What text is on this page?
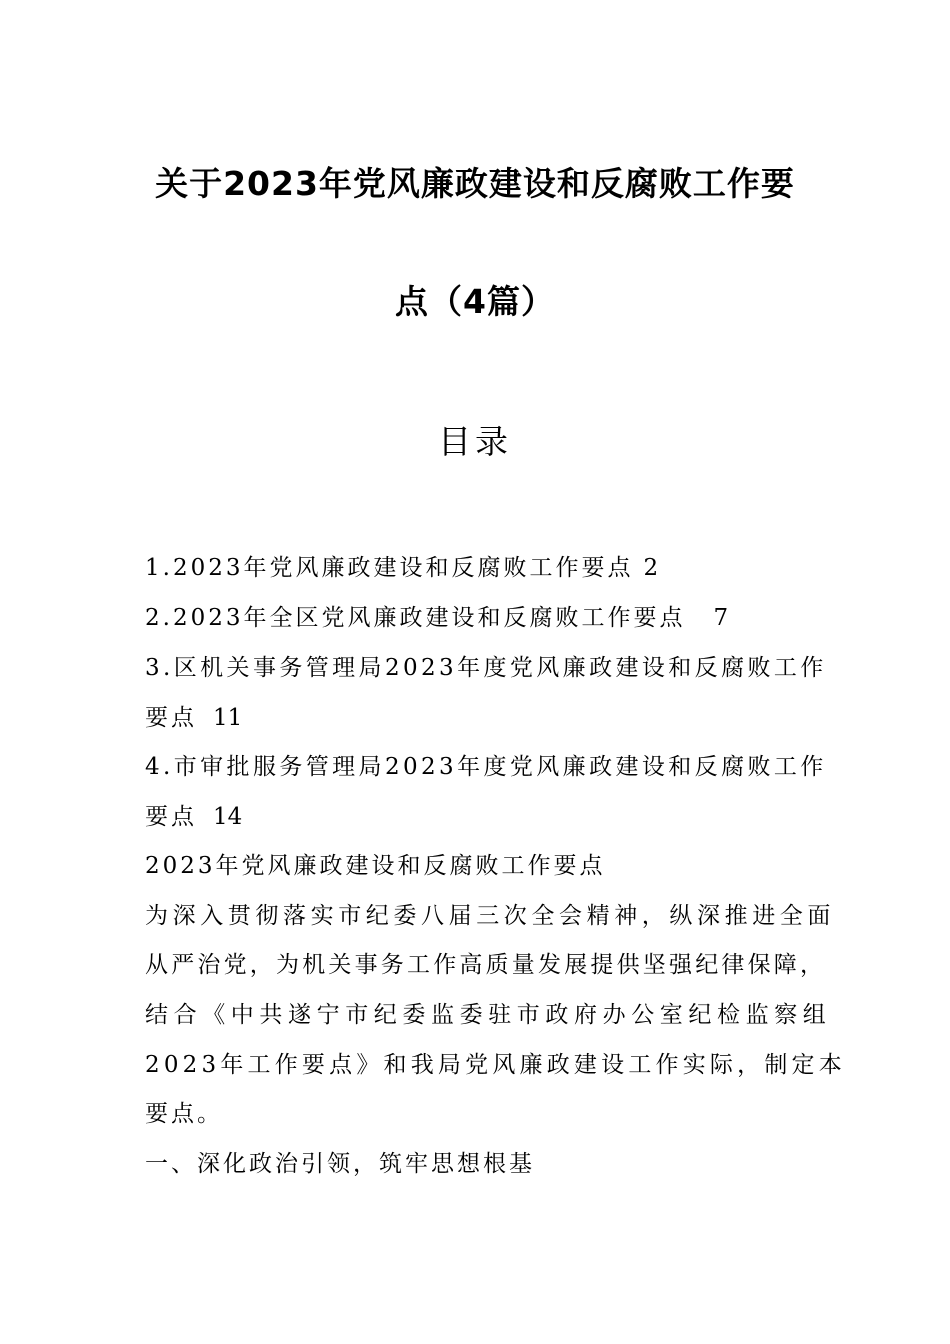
关于2023年党风廉政建设和反腐败工作要
点（4篇）
目录
1.2023年党风廉政建设和反腐败工作要点 2
2.2023年全区党风廉政建设和反腐败工作要点 7
3.区机关事务管理局2023年度党风廉政建设和反腐败工作
要点 11
4.市审批服务管理局2023年度党风廉政建设和反腐败工作
要点 14
2023年党风廉政建设和反腐败工作要点
为深入贯彻落实市纪委八届三次全会精神，纵深推进全面
从严治党，为机关事务工作高质量发展提供坚强纪律保障，
结合《中共遂宁市纪委监委驻市政府办公室纪检监察组
2023年工作要点》和我局党风廉政建设工作实际，制定本
要点。
一、深化政治引领，筑牢思想根基
